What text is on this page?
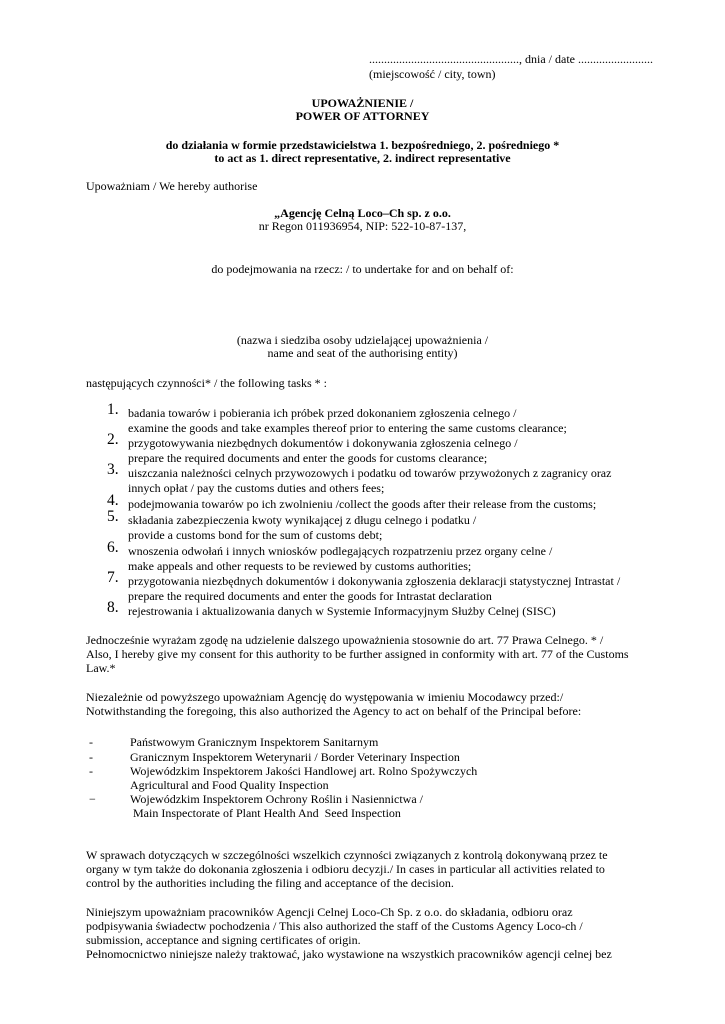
.................................................., dnia / date .........................
(miejscowość / city, town)
UPOWAŻNIENIE /
POWER OF ATTORNEY
do działania w formie przedstawicielstwa 1. bezpośredniego, 2. pośredniego *
to act as 1. direct representative, 2. indirect representative
Upoważniam / We hereby authorise
„Agencję Celną Loco–Ch sp. z o.o.
nr Regon 011936954, NIP: 522-10-87-137,
do podejmowania na rzecz: / to undertake for and on behalf of:
(nazwa i siedziba osoby udzielającej upoważnienia /
name and seat of the authorising entity)
następujących czynności* / the following tasks * :
1. badania towarów i pobierania ich próbek przed dokonaniem zgłoszenia celnego /
examine the goods and take examples thereof prior to entering the same customs clearance;
2. przygotowywania niezbędnych dokumentów i dokonywania zgłoszenia celnego /
prepare the required documents and enter the goods for customs clearance;
3. uiszczania należności celnych przywozowych i podatku od towarów przywożonych z zagranicy oraz
innych opłat / pay the customs duties and others fees;
4. podejmowania towarów po ich zwolnieniu /collect the goods after their release from the customs;
5. składania zabezpieczenia kwoty wynikającej z długu celnego i podatku /
provide a customs bond for the sum of customs debt;
6. wnoszenia odwołań i innych wniosków podlegających rozpatrzeniu przez organy celne /
make appeals and other requests to be reviewed by customs authorities;
7. przygotowania niezbędnych dokumentów i dokonywania zgłoszenia deklaracji statystycznej Intrastat /
prepare the required documents and enter the goods for Intrastat declaration
8. rejestrowania i aktualizowania danych w Systemie Informacyjnym Służby Celnej (SISC)
Jednocześnie wyrażam zgodę na udzielenie dalszego upoważnienia stosownie do art. 77 Prawa Celnego. * /
Also, I hereby give my consent for this authority to be further assigned in conformity with art. 77 of the Customs
Law.*
Niezależnie od powyższego upoważniam Agencję do występowania w imieniu Mocodawcy przed:/
Notwithstanding the foregoing, this also authorized the Agency to act on behalf of the Principal before:
-	Państwowym Granicznym Inspektorem Sanitarnym
-	Granicznym Inspektorem Weterynarii / Border Veterinary Inspection
-	Wojewódzkim Inspektorem Jakości Handlowej art. Rolno Spożywczych
Agricultural and Food Quality Inspection
−	Wojewódzkim Inspektorem Ochrony Roślin i Nasiennictwa /
Main Inspectorate of Plant Health And  Seed Inspection
W sprawach dotyczących w szczególności wszelkich czynności związanych z kontrolą dokonywaną przez te
organy w tym także do dokonania zgłoszenia i odbioru decyzji./ In cases in particular all activities related to
control by the authorities including the filing and acceptance of the decision.
Niniejszym upoważniam pracowników Agencji Celnej Loco-Ch Sp. z o.o. do składania, odbioru oraz
podpisywania świadectw pochodzenia / This also authorized the staff of the Customs Agency Loco-ch /
submission, acceptance and signing certificates of origin.
Pełnomocnictwo niniejsze należy traktować, jako wystawione na wszystkich pracowników agencji celnej bez
